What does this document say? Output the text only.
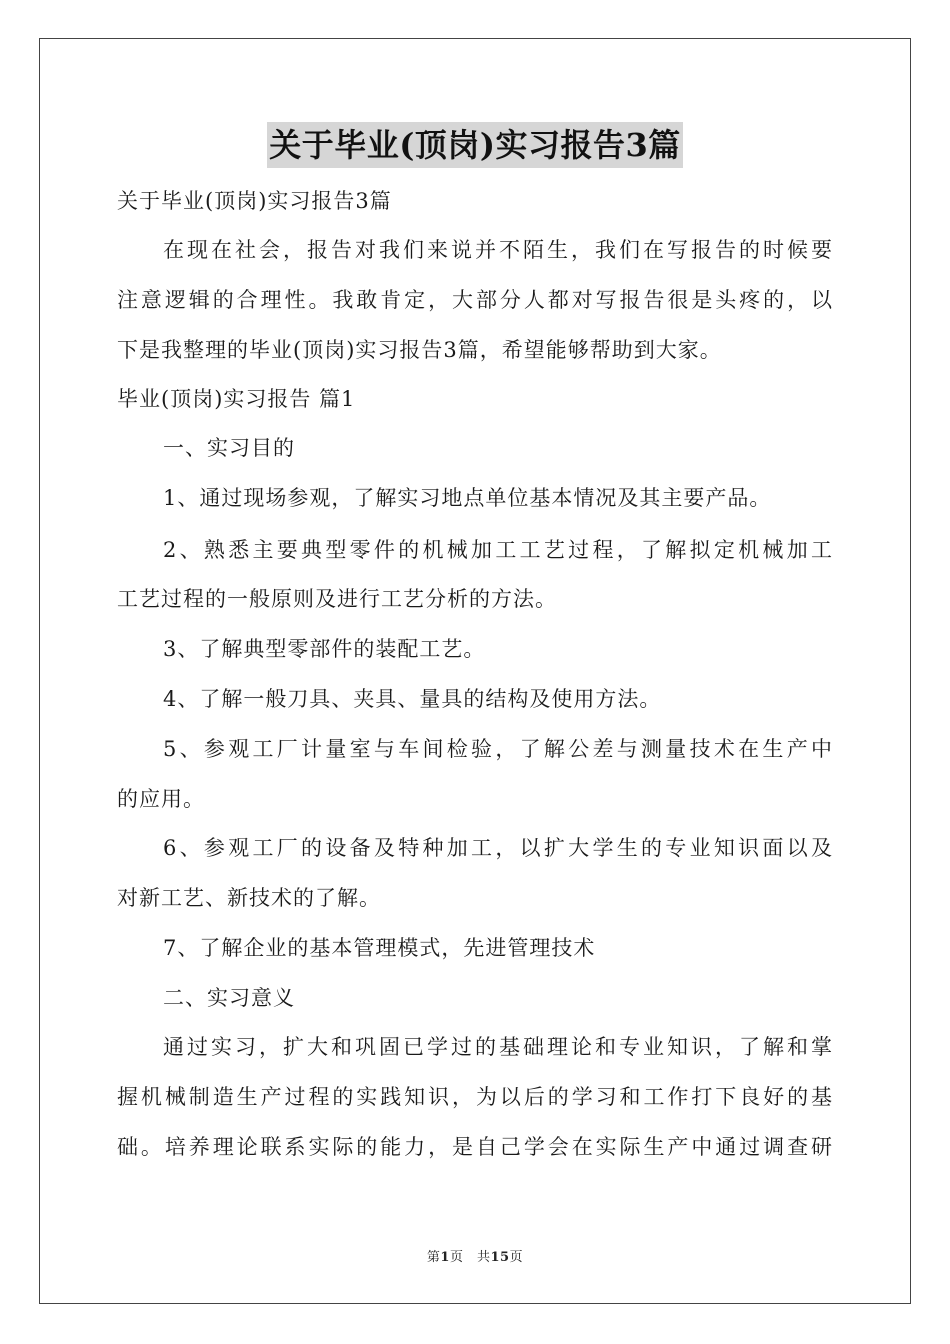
关于毕业(顶岗)实习报告3篇
关于毕业(顶岗)实习报告3篇
在现在社会，报告对我们来说并不陌生，我们在写报告的时候要
注意逻辑的合理性。我敢肯定，大部分人都对写报告很是头疼的，以
下是我整理的毕业(顶岗)实习报告3篇，希望能够帮助到大家。
毕业(顶岗)实习报告 篇1
一、实习目的
1、通过现场参观，了解实习地点单位基本情况及其主要产品。
2、熟悉主要典型零件的机械加工工艺过程，了解拟定机械加工
工艺过程的一般原则及进行工艺分析的方法。
3、了解典型零部件的装配工艺。
4、了解一般刀具、夹具、量具的结构及使用方法。
5、参观工厂计量室与车间检验，了解公差与测量技术在生产中
的应用。
6、参观工厂的设备及特种加工，以扩大学生的专业知识面以及
对新工艺、新技术的了解。
7、了解企业的基本管理模式，先进管理技术
二、实习意义
通过实习，扩大和巩固已学过的基础理论和专业知识，了解和掌
握机械制造生产过程的实践知识，为以后的学习和工作打下良好的基
础。培养理论联系实际的能力，是自己学会在实际生产中通过调查研
第1页　共15页
